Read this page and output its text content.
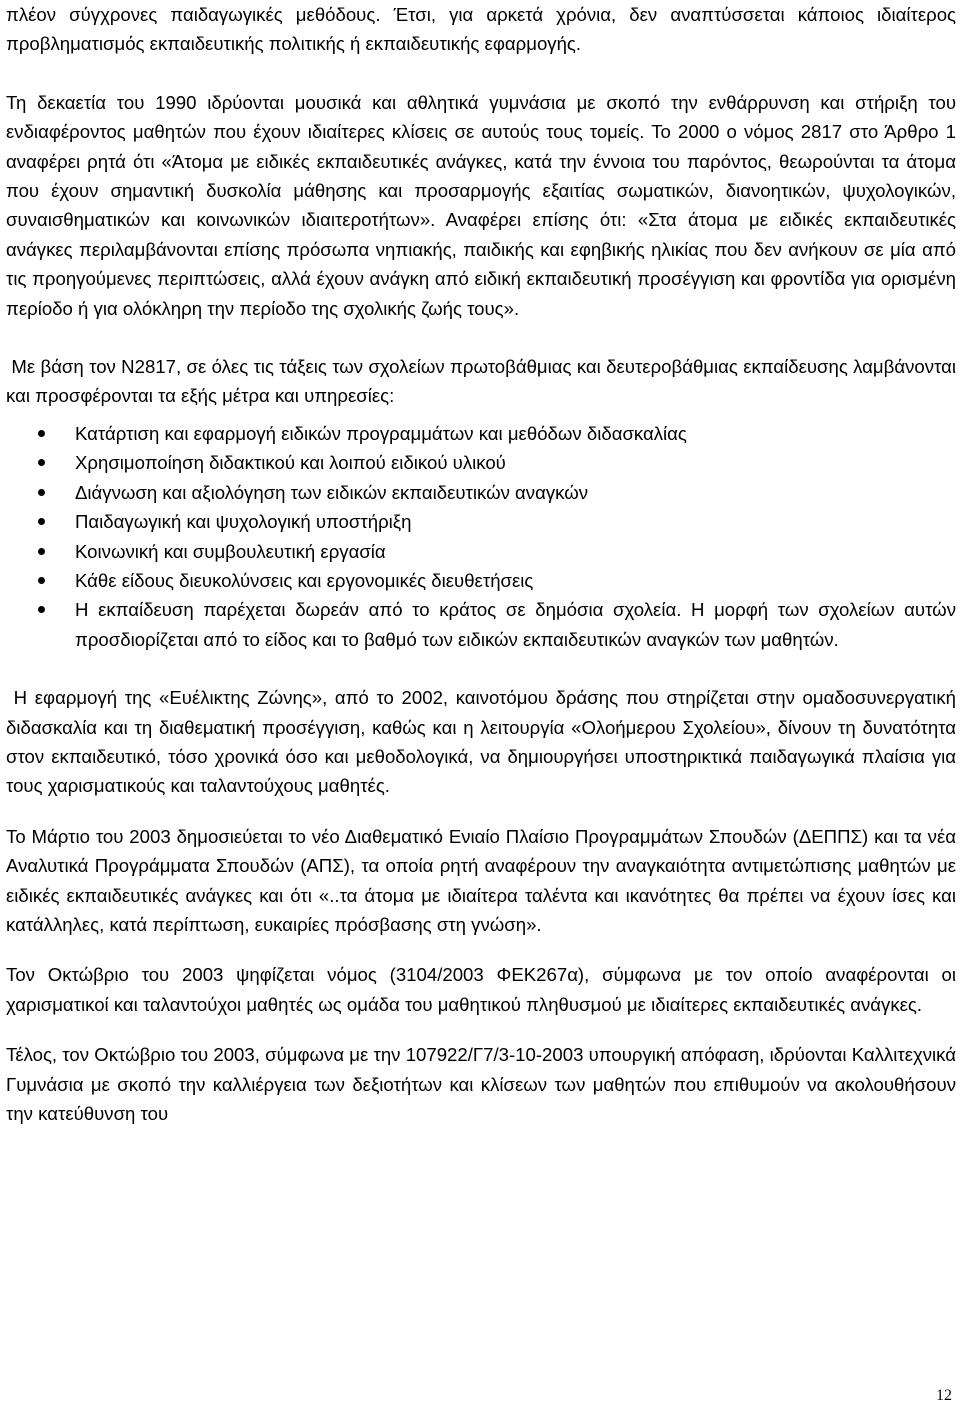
πλέον σύγχρονες παιδαγωγικές μεθόδους. Έτσι, για αρκετά χρόνια, δεν αναπτύσσεται κάποιος ιδιαίτερος προβληματισμός εκπαιδευτικής πολιτικής ή εκπαιδευτικής εφαρμογής.

Τη δεκαετία του 1990 ιδρύονται μουσικά και αθλητικά γυμνάσια με σκοπό την ενθάρρυνση και στήριξη του ενδιαφέροντος μαθητών που έχουν ιδιαίτερες κλίσεις σε αυτούς τους τομείς. Το 2000 ο νόμος 2817 στο Άρθρο 1 αναφέρει ρητά ότι «Άτομα με ειδικές εκπαιδευτικές ανάγκες, κατά την έννοια του παρόντος, θεωρούνται τα άτομα που έχουν σημαντική δυσκολία μάθησης και προσαρμογής εξαιτίας σωματικών, διανοητικών, ψυχολογικών, συναισθηματικών και κοινωνικών ιδιαιτεροτήτων». Αναφέρει επίσης ότι: «Στα άτομα με ειδικές εκπαιδευτικές ανάγκες περιλαμβάνονται επίσης πρόσωπα νηπιακής, παιδικής και εφηβικής ηλικίας που δεν ανήκουν σε μία από τις προηγούμενες περιπτώσεις, αλλά έχουν ανάγκη από ειδική εκπαιδευτική προσέγγιση και φροντίδα για ορισμένη περίοδο ή για ολόκληρη την περίοδο της σχολικής ζωής τους».

Με βάση τον Ν2817, σε όλες τις τάξεις των σχολείων πρωτοβάθμιας και δευτεροβάθμιας εκπαίδευσης λαμβάνονται και προσφέρονται τα εξής μέτρα και υπηρεσίες:

Κατάρτιση και εφαρμογή ειδικών προγραμμάτων και μεθόδων διδασκαλίας
Χρησιμοποίηση διδακτικού και λοιπού ειδικού υλικού
Διάγνωση και αξιολόγηση των ειδικών εκπαιδευτικών αναγκών
Παιδαγωγική και ψυχολογική υποστήριξη
Κοινωνική και συμβουλευτική εργασία
Κάθε είδους διευκολύνσεις και εργονομικές διευθετήσεις
Η εκπαίδευση παρέχεται δωρεάν από το κράτος σε δημόσια σχολεία. Η μορφή των σχολείων αυτών προσδιορίζεται από το είδος και το βαθμό των ειδικών εκπαιδευτικών αναγκών των μαθητών.

Η εφαρμογή της «Ευέλικτης Ζώνης», από το 2002, καινοτόμου δράσης που στηρίζεται στην ομαδοσυνεργατική διδασκαλία και τη διαθεματική προσέγγιση, καθώς και η λειτουργία «Ολοήμερου Σχολείου», δίνουν τη δυνατότητα στον εκπαιδευτικό, τόσο χρονικά όσο και μεθοδολογικά, να δημιουργήσει υποστηρικτικά παιδαγωγικά πλαίσια για τους χαρισματικούς και ταλαντούχους μαθητές.

Το Μάρτιο του 2003 δημοσιεύεται το νέο Διαθεματικό Ενιαίο Πλαίσιο Προγραμμάτων Σπουδών (ΔΕΠΠΣ) και τα νέα Αναλυτικά Προγράμματα Σπουδών (ΑΠΣ), τα οποία ρητή αναφέρουν την αναγκαιότητα αντιμετώπισης μαθητών με ειδικές εκπαιδευτικές ανάγκες και ότι «..τα άτομα με ιδιαίτερα ταλέντα και ικανότητες θα πρέπει να έχουν ίσες και κατάλληλες, κατά περίπτωση, ευκαιρίες πρόσβασης στη γνώση».

Τον Οκτώβριο του 2003 ψηφίζεται νόμος (3104/2003 ΦΕΚ267α), σύμφωνα με τον οποίο αναφέρονται οι χαρισματικοί και ταλαντούχοι μαθητές ως ομάδα του μαθητικού πληθυσμού με ιδιαίτερες εκπαιδευτικές ανάγκες.

Τέλος, τον Οκτώβριο του 2003, σύμφωνα με την 107922/Γ7/3-10-2003 υπουργική απόφαση, ιδρύονται Καλλιτεχνικά Γυμνάσια με σκοπό την καλλιέργεια των δεξιοτήτων και κλίσεων των μαθητών που επιθυμούν να ακολουθήσουν την κατεύθυνση του

12
